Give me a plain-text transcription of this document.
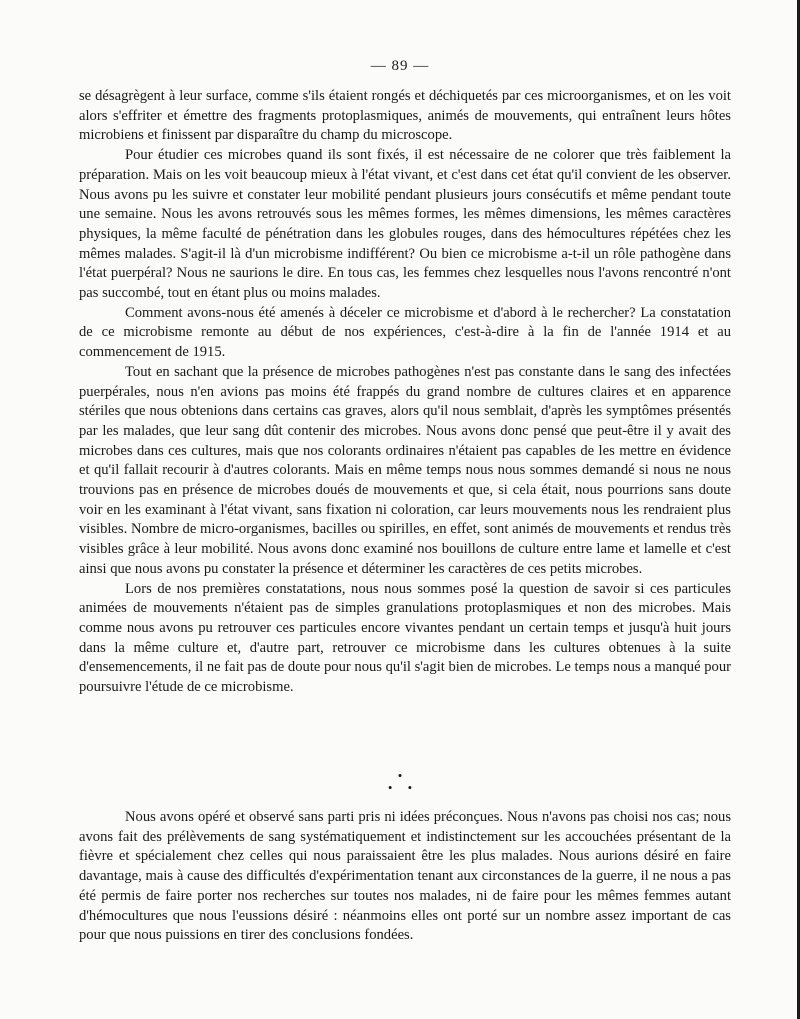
— 89 —

se désagrègent à leur surface, comme s'ils étaient rongés et déchiquetés par ces microorganismes, et on les voit alors s'effriter et émettre des fragments protoplasmiques, animés de mouvements, qui entraînent leurs hôtes microbiens et finissent par disparaître du champ du microscope.

Pour étudier ces microbes quand ils sont fixés, il est nécessaire de ne colorer que très faiblement la préparation. Mais on les voit beaucoup mieux à l'état vivant, et c'est dans cet état qu'il convient de les observer. Nous avons pu les suivre et constater leur mobilité pendant plusieurs jours consécutifs et même pendant toute une semaine. Nous les avons retrouvés sous les mêmes formes, les mêmes dimensions, les mêmes caractères physiques, la même faculté de pénétration dans les globules rouges, dans des hémocultures répétées chez les mêmes malades. S'agit-il là d'un microbisme indifférent? Ou bien ce microbisme a-t-il un rôle pathogène dans l'état puerpéral? Nous ne saurions le dire. En tous cas, les femmes chez lesquelles nous l'avons rencontré n'ont pas succombé, tout en étant plus ou moins malades.

Comment avons-nous été amenés à déceler ce microbisme et d'abord à le rechercher? La constatation de ce microbisme remonte au début de nos expériences, c'est-à-dire à la fin de l'année 1914 et au commencement de 1915.

Tout en sachant que la présence de microbes pathogènes n'est pas constante dans le sang des infectées puerpérales, nous n'en avions pas moins été frappés du grand nombre de cultures claires et en apparence stériles que nous obtenions dans certains cas graves, alors qu'il nous semblait, d'après les symptômes présentés par les malades, que leur sang dût contenir des microbes. Nous avons donc pensé que peut-être il y avait des microbes dans ces cultures, mais que nos colorants ordinaires n'étaient pas capables de les mettre en évidence et qu'il fallait recourir à d'autres colorants. Mais en même temps nous nous sommes demandé si nous ne nous trouvions pas en présence de microbes doués de mouvements et que, si cela était, nous pourrions sans doute voir en les examinant à l'état vivant, sans fixation ni coloration, car leurs mouvements nous les rendraient plus visibles. Nombre de micro-organismes, bacilles ou spirilles, en effet, sont animés de mouvements et rendus très visibles grâce à leur mobilité. Nous avons donc examiné nos bouillons de culture entre lame et lamelle et c'est ainsi que nous avons pu constater la présence et déterminer les caractères de ces petits microbes.

Lors de nos premières constatations, nous nous sommes posé la question de savoir si ces particules animées de mouvements n'étaient pas de simples granulations protoplasmiques et non des microbes. Mais comme nous avons pu retrouver ces particules encore vivantes pendant un certain temps et jusqu'à huit jours dans la même culture et, d'autre part, retrouver ce microbisme dans les cultures obtenues à la suite d'ensemencements, il ne fait pas de doute pour nous qu'il s'agit bien de microbes. Le temps nous a manqué pour poursuivre l'étude de ce microbisme.

•
• •

Nous avons opéré et observé sans parti pris ni idées préconçues. Nous n'avons pas choisi nos cas; nous avons fait des prélèvements de sang systématiquement et indistinctement sur les accouchées présentant de la fièvre et spécialement chez celles qui nous paraissaient être les plus malades. Nous aurions désiré en faire davantage, mais à cause des difficultés d'expérimentation tenant aux circonstances de la guerre, il ne nous a pas été permis de faire porter nos recherches sur toutes nos malades, ni de faire pour les mêmes femmes autant d'hémocultures que nous l'eussions désiré : néanmoins elles ont porté sur un nombre assez important de cas pour que nous puissions en tirer des conclusions fondées.
